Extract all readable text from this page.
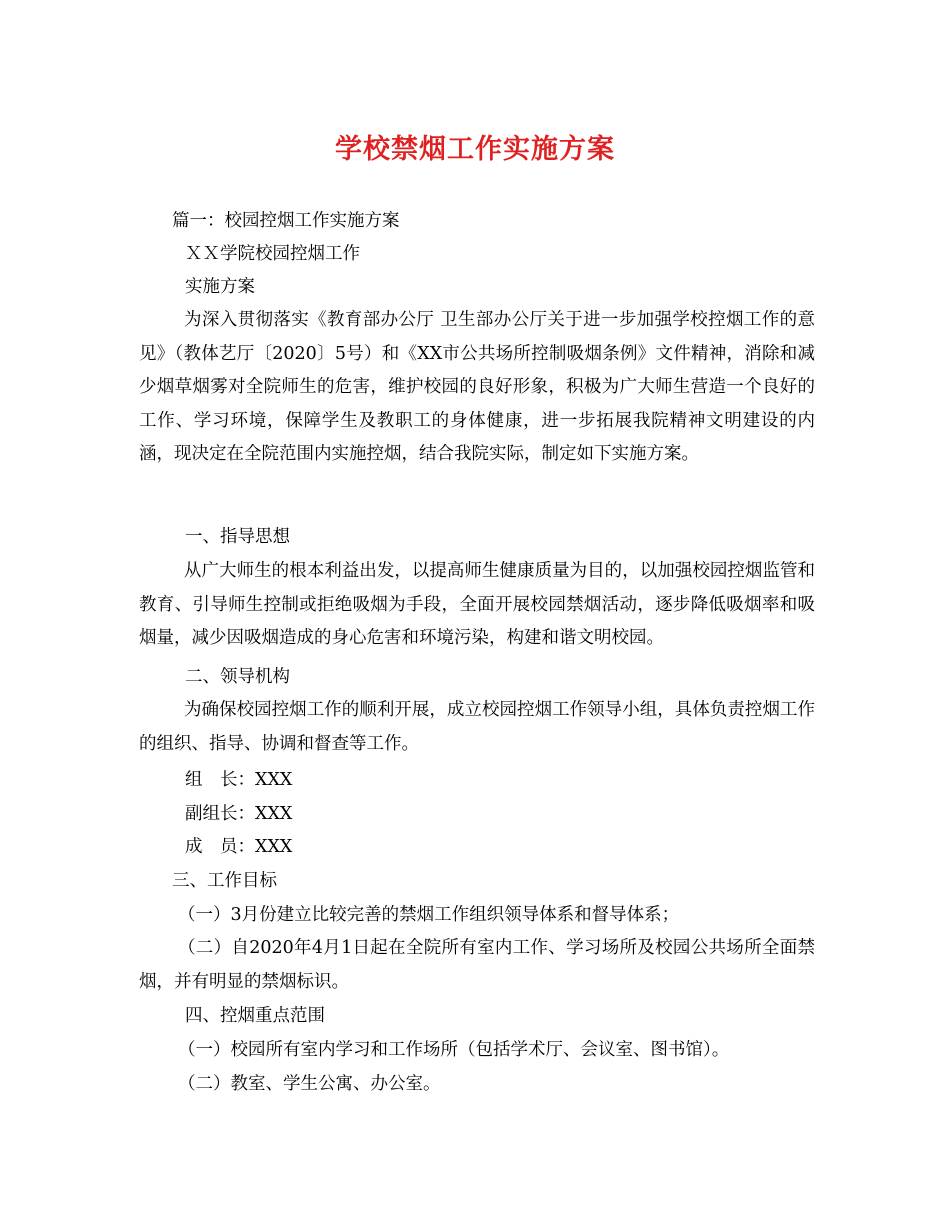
学校禁烟工作实施方案
篇一：校园控烟工作实施方案
ＸＸ学院校园控烟工作
实施方案
为深入贯彻落实《教育部办公厅 卫生部办公厅关于进一步加强学校控烟工作的意见》（教体艺厅〔2020〕5号）和《XX市公共场所控制吸烟条例》文件精神，消除和减少烟草烟雾对全院师生的危害，维护校园的良好形象，积极为广大师生营造一个良好的工作、学习环境，保障学生及教职工的身体健康，进一步拓展我院精神文明建设的内涵，现决定在全院范围内实施控烟，结合我院实际，制定如下实施方案。
一、指导思想
从广大师生的根本利益出发，以提高师生健康质量为目的，以加强校园控烟监管和教育、引导师生控制或拒绝吸烟为手段，全面开展校园禁烟活动，逐步降低吸烟率和吸烟量，减少因吸烟造成的身心危害和环境污染，构建和谐文明校园。
二、领导机构
为确保校园控烟工作的顺利开展，成立校园控烟工作领导小组，具体负责控烟工作的组织、指导、协调和督查等工作。
组　长：XXX
副组长：XXX
成　员：XXX
三、工作目标
（一）3月份建立比较完善的禁烟工作组织领导体系和督导体系；
（二）自2020年4月1日起在全院所有室内工作、学习场所及校园公共场所全面禁烟，并有明显的禁烟标识。
四、控烟重点范围
（一）校园所有室内学习和工作场所（包括学术厅、会议室、图书馆）。
（二）教室、学生公寓、办公室。
